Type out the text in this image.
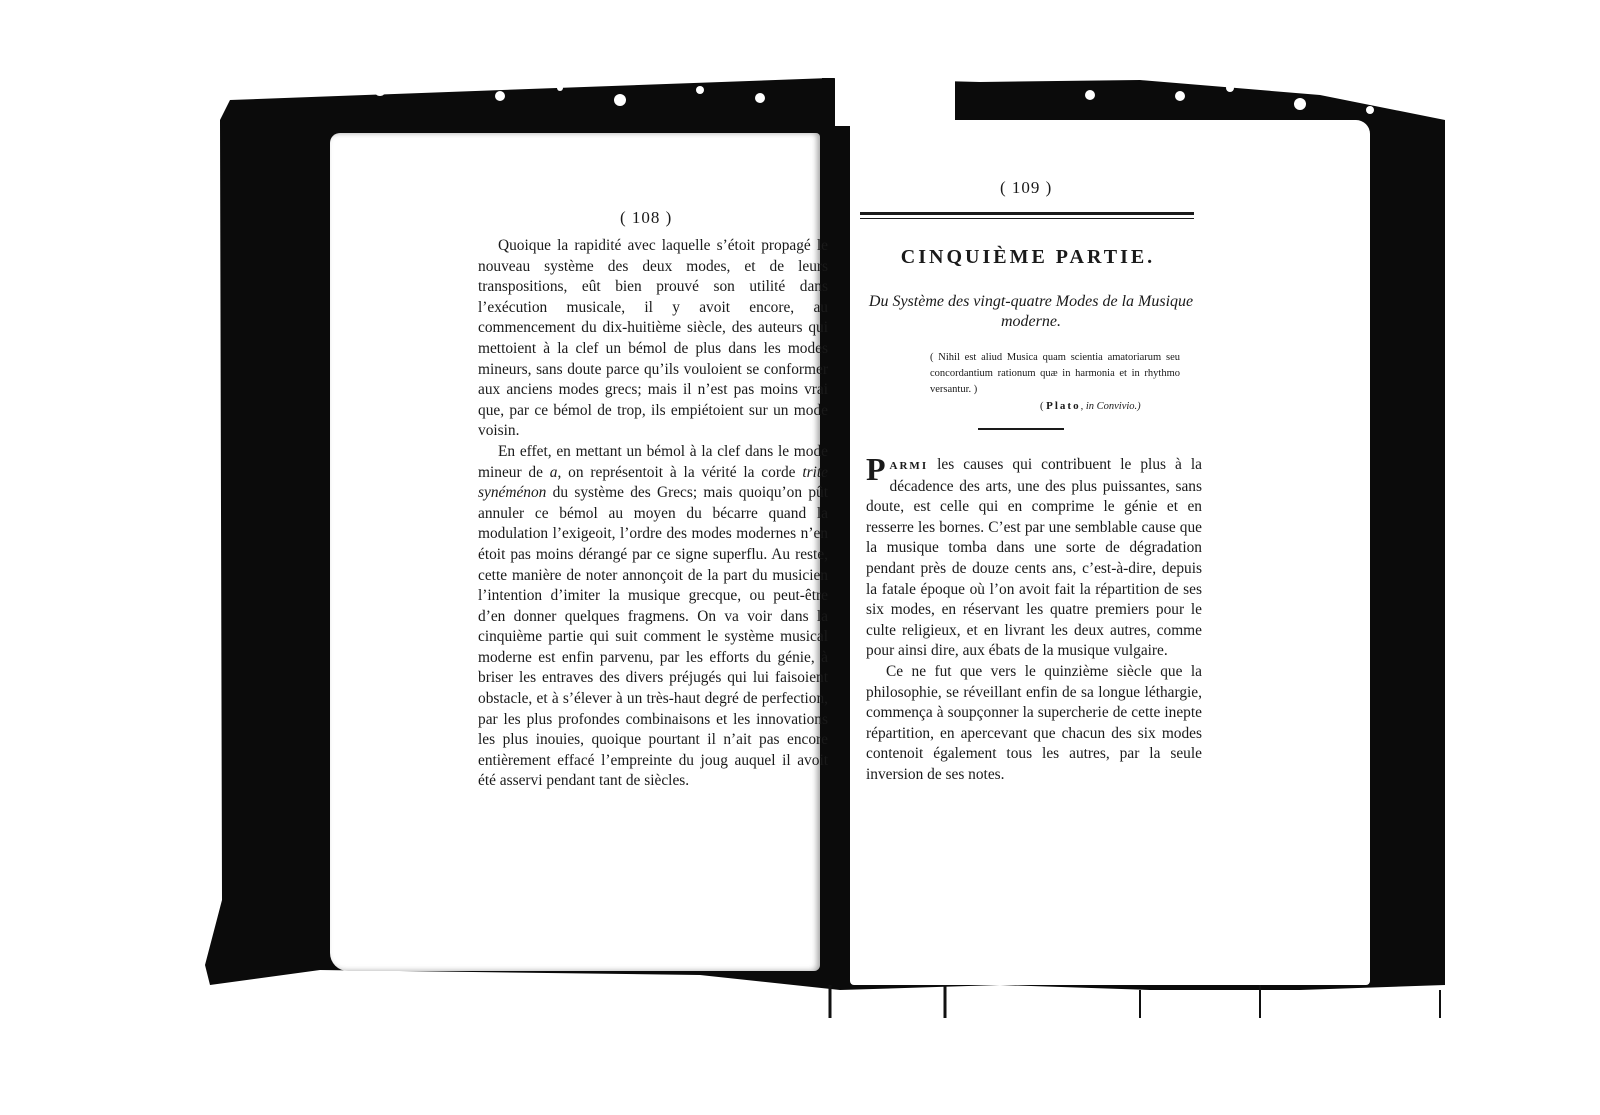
( 108 )

Quoique la rapidité avec laquelle s’étoit propagé le nouveau système des deux modes, et de leurs transpositions, eût bien prouvé son utilité dans l’exécution musicale, il y avoit encore, au commencement du dix-huitième siècle, des auteurs qui mettoient à la clef un bémol de plus dans les modes mineurs, sans doute parce qu’ils vouloient se conformer aux anciens modes grecs; mais il n’est pas moins vrai que, par ce bémol de trop, ils empiétoient sur un mode voisin.

En effet, en mettant un bémol à la clef dans le mode mineur de a, on représentoit à la vérité la corde trite synéménon du système des Grecs; mais quoiqu’on pût annuler ce bémol au moyen du bécarre quand la modulation l’exigeoit, l’ordre des modes modernes n’en étoit pas moins dérangé par ce signe superflu. Au reste, cette manière de noter annonçoit de la part du musicien l’intention d’imiter la musique grecque, ou peut-être d’en donner quelques fragmens. On va voir dans la cinquième partie qui suit comment le système musical moderne est enfin parvenu, par les efforts du génie, à briser les entraves des divers préjugés qui lui faisoient obstacle, et à s’élever à un très-haut degré de perfection, par les plus profondes combinaisons et les innovations les plus inouies, quoique pourtant il n’ait pas encore entièrement effacé l’empreinte du joug auquel il avoit été asservi pendant tant de siècles.

( 109 )
CINQUIÈME PARTIE.
Du Système des vingt-quatre Modes de la Musique moderne.
( Nihil est aliud Musica quam scientia amatoriarum seu concordantium rationum quæ in harmonia et in rhythmo versantur. )
( Plato, in Convivio.)

PARMI les causes qui contribuent le plus à la décadence des arts, une des plus puissantes, sans doute, est celle qui en comprime le génie et en resserre les bornes. C’est par une semblable cause que la musique tomba dans une sorte de dégradation pendant près de douze cents ans, c’est-à-dire, depuis la fatale époque où l’on avoit fait la répartition de ses six modes, en réservant les quatre premiers pour le culte religieux, et en livrant les deux autres, comme pour ainsi dire, aux ébats de la musique vulgaire.

Ce ne fut que vers le quinzième siècle que la philosophie, se réveillant enfin de sa longue léthargie, commença à soupçonner la supercherie de cette inepte répartition, en apercevant que chacun des six modes contenoit également tous les autres, par la seule inversion de ses notes.
